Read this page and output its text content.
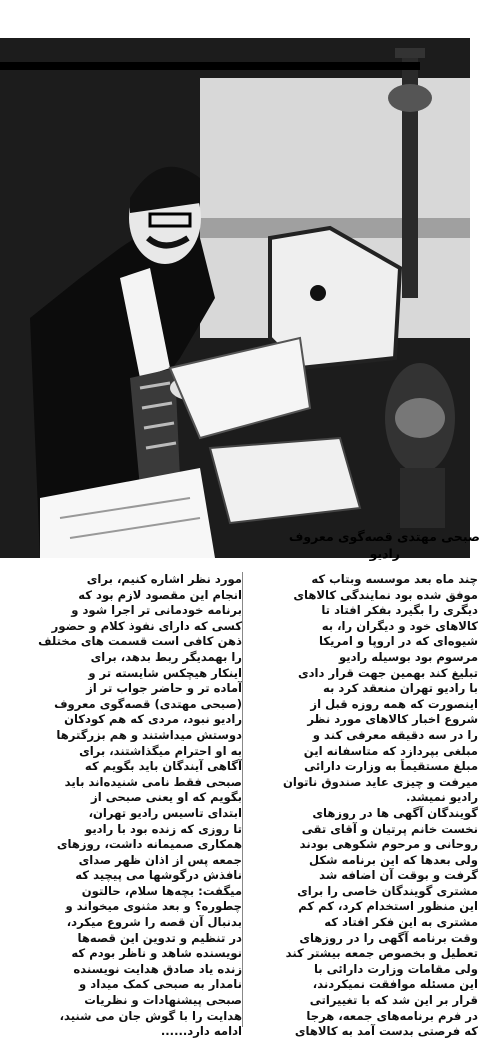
صبحی مهتدی قصه‌گوی معروف
رادیو
چند ماه بعد موسسه وبتاب که
موفق شده بود نمایندگی کالاهای
دیگری را بگیرد بفکر افتاد تا
کالاهای خود و دیگران را، به
شیوه‌ای که در اروپا و امریکا
مرسوم بود بوسیله رادیو
تبلیغ کند بهمین جهت قرار دادی
با رادیو تهران منعقد کرد به
اینصورت که همه روزه قبل از
شروع اخبار کالاهای مورد نظر
را در سه دقیقه معرفی کند و
مبلغی بپردازد که متاسفانه این
مبلغ مستقیماً به وزارت دارائی
میرفت و چیزی عاید صندوق ناتوان
رادیو نمیشد.
گویندگان آگهی ها در روزهای
نخست خانم پرتیان و آقای تقی
روحانی و مرحوم شکوهی بودند
ولی بعدها که این برنامه شکل
گرفت و بوقت آن اضافه شد
مشتری گویندگان خاصی را برای
این منظور استخدام کرد، کم کم
مشتری به این فکر افتاد که
وقت برنامه آگهی را در روزهای
تعطیل و بخصوص جمعه بیشتر کند
ولی مقامات وزارت دارائی با
این مسئله موافقت نمیکردند،
قرار بر این شد که با تغییراتی
در فرم برنامه‌های جمعه، هرجا
که فرصتی بدست آمد به کالاهای
مورد نظر اشاره کنیم، برای
انجام این مقصود لازم بود که
برنامه خودمانی تر اجرا شود و
کسی که دارای نفوذ کلام و حضور
ذهن کافی است قسمت های مختلف
را بهمدیگر ربط بدهد، برای
اینکار هیچکس شایسته تر و
آماده تر و حاضر جواب تر از
(صبحی مهتدی) قصه‌گوی معروف
رادیو نبود، مردی که هم کودکان
دوستش میداشتند و هم بزرگترها
به او احترام میگذاشتند، برای
آگاهی آیندگان باید بگویم که
صبحی فقط نامی شنیده‌اند باید
بگویم که او یعنی صبحی از
ابتدای تاسیس رادیو تهران،
تا روزی که زنده بود با رادیو
همکاری صمیمانه داشت، روزهای
جمعه پس از اذان ظهر صدای
نافذش درگوشها می پیچید که
میگفت: بچه‌ها سلام، حالتون
چطوره؟ و بعد مثنوی میخواند و
بدنبال آن قصه را شروع میکرد،
در تنظیم و تدوین این قصه‌ها
نویسنده شاهد و ناظر بودم که
زنده یاد صادق هدایت نویسنده
نامدار به صبحی کمک میداد و
صبحی پیشنهادات و نظریات
هدایت را با گوش جان می شنید،
ادامه دارد......
